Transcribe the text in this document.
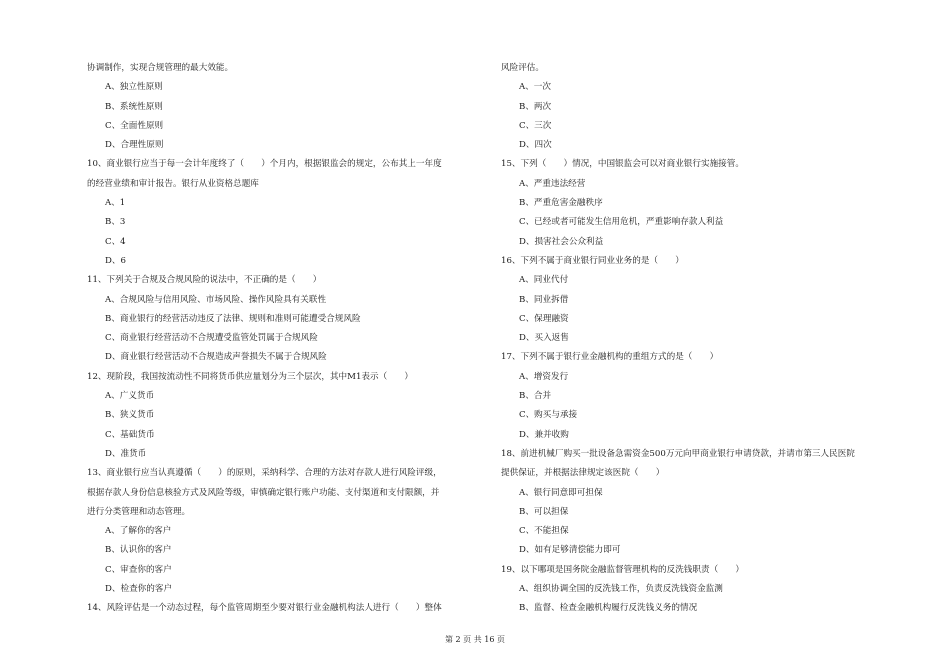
协调制作，实现合规管理的最大效能。
A、独立性原则
B、系统性原则
C、全面性原则
D、合理性原则
10、商业银行应当于每一会计年度终了（　　）个月内，根据银监会的规定，公布其上一年度
的经营业绩和审计报告。银行从业资格总题库
A、1
B、3
C、4
D、6
11、下列关于合规及合规风险的说法中，不正确的是（　　）
A、合规风险与信用风险、市场风险、操作风险具有关联性
B、商业银行的经营活动违反了法律、规则和准则可能遭受合规风险
C、商业银行经营活动不合规遭受监管处罚属于合规风险
D、商业银行经营活动不合规造成声誉损失不属于合规风险
12、现阶段，我国按流动性不同将货币供应量划分为三个层次，其中M1表示（　　）
A、广义货币
B、狭义货币
C、基础货币
D、准货币
13、商业银行应当认真遵循（　　）的原则，采纳科学、合理的方法对存款人进行风险评级，
根据存款人身份信息核验方式及风险等级，审慎确定银行账户功能、支付渠道和支付限额，并
进行分类管理和动态管理。
A、了解你的客户
B、认识你的客户
C、审查你的客户
D、检查你的客户
14、风险评估是一个动态过程，每个监管周期至少要对银行业金融机构法人进行（　　）整体
风险评估。
A、一次
B、两次
C、三次
D、四次
15、下列（　　）情况，中国银监会可以对商业银行实施接管。
A、严重违法经营
B、严重危害金融秩序
C、已经或者可能发生信用危机，严重影响存款人利益
D、损害社会公众利益
16、下列不属于商业银行同业业务的是（　　）
A、同业代付
B、同业拆借
C、保理融资
D、买入返售
17、下列不属于银行业金融机构的重组方式的是（　　）
A、增资发行
B、合并
C、购买与承接
D、兼并收购
18、前进机械厂购买一批设备急需资金500万元向甲商业银行申请贷款，并请市第三人民医院
提供保证，并根据法律规定该医院（　　）
A、银行同意即可担保
B、可以担保
C、不能担保
D、如有足够清偿能力即可
19、以下哪项是国务院金融监督管理机构的反洗钱职责（　　）
A、组织协调全国的反洗钱工作，负责反洗钱资金监测
B、监督、检查金融机构履行反洗钱义务的情况
第 2 页 共 16 页
